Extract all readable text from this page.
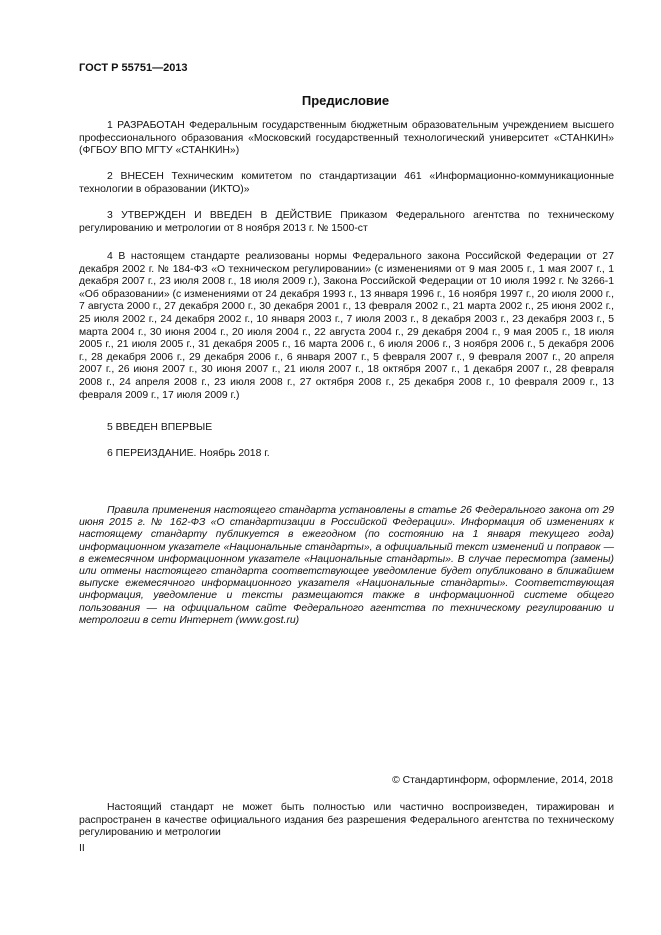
ГОСТ Р 55751—2013
Предисловие
1 РАЗРАБОТАН Федеральным государственным бюджетным образовательным учреждением высшего профессионального образования «Московский государственный технологический университет «СТАНКИН» (ФГБОУ ВПО МГТУ «СТАНКИН»)
2 ВНЕСЕН Техническим комитетом по стандартизации 461 «Информационно-коммуникационные технологии в образовании (ИКТО)»
3 УТВЕРЖДЕН И ВВЕДЕН В ДЕЙСТВИЕ Приказом Федерального агентства по техническому регулированию и метрологии от 8 ноября 2013 г. № 1500-ст
4 В настоящем стандарте реализованы нормы Федерального закона Российской Федерации от 27 декабря 2002 г. № 184-ФЗ «О техническом регулировании» (с изменениями от 9 мая 2005 г., 1 мая 2007 г., 1 декабря 2007 г., 23 июля 2008 г., 18 июля 2009 г.), Закона Российской Федерации от 10 июля 1992 г. № 3266-1 «Об образовании» (с изменениями от 24 декабря 1993 г., 13 января 1996 г., 16 ноября 1997 г., 20 июля 2000 г., 7 августа 2000 г., 27 декабря 2000 г., 30 декабря 2001 г., 13 февраля 2002 г., 21 марта 2002 г., 25 июня 2002 г., 25 июля 2002 г., 24 декабря 2002 г., 10 января 2003 г., 7 июля 2003 г., 8 декабря 2003 г., 23 декабря 2003 г., 5 марта 2004 г., 30 июня 2004 г., 20 июля 2004 г., 22 августа 2004 г., 29 декабря 2004 г., 9 мая 2005 г., 18 июля 2005 г., 21 июля 2005 г., 31 декабря 2005 г., 16 марта 2006 г., 6 июля 2006 г., 3 ноября 2006 г., 5 декабря 2006 г., 28 декабря 2006 г., 29 декабря 2006 г., 6 января 2007 г., 5 февраля 2007 г., 9 февраля 2007 г., 20 апреля 2007 г., 26 июня 2007 г., 30 июня 2007 г., 21 июля 2007 г., 18 октября 2007 г., 1 декабря 2007 г., 28 февраля 2008 г., 24 апреля 2008 г., 23 июля 2008 г., 27 октября 2008 г., 25 декабря 2008 г., 10 февраля 2009 г., 13 февраля 2009 г., 17 июля 2009 г.)
5 ВВЕДЕН ВПЕРВЫЕ
6 ПЕРЕИЗДАНИЕ. Ноябрь 2018 г.
Правила применения настоящего стандарта установлены в статье 26 Федерального закона от 29 июня 2015 г. № 162-ФЗ «О стандартизации в Российской Федерации». Информация об изменениях к настоящему стандарту публикуется в ежегодном (по состоянию на 1 января текущего года) информационном указателе «Национальные стандарты», а официальный текст изменений и поправок — в ежемесячном информационном указателе «Национальные стандарты». В случае пересмотра (замены) или отмены настоящего стандарта соответствующее уведомление будет опубликовано в ближайшем выпуске ежемесячного информационного указателя «Национальные стандарты». Соответствующая информация, уведомление и тексты размещаются также в информационной системе общего пользования — на официальном сайте Федерального агентства по техническому регулированию и метрологии в сети Интернет (www.gost.ru)
© Стандартинформ, оформление, 2014, 2018
Настоящий стандарт не может быть полностью или частично воспроизведен, тиражирован и распространен в качестве официального издания без разрешения Федерального агентства по техническому регулированию и метрологии
II
